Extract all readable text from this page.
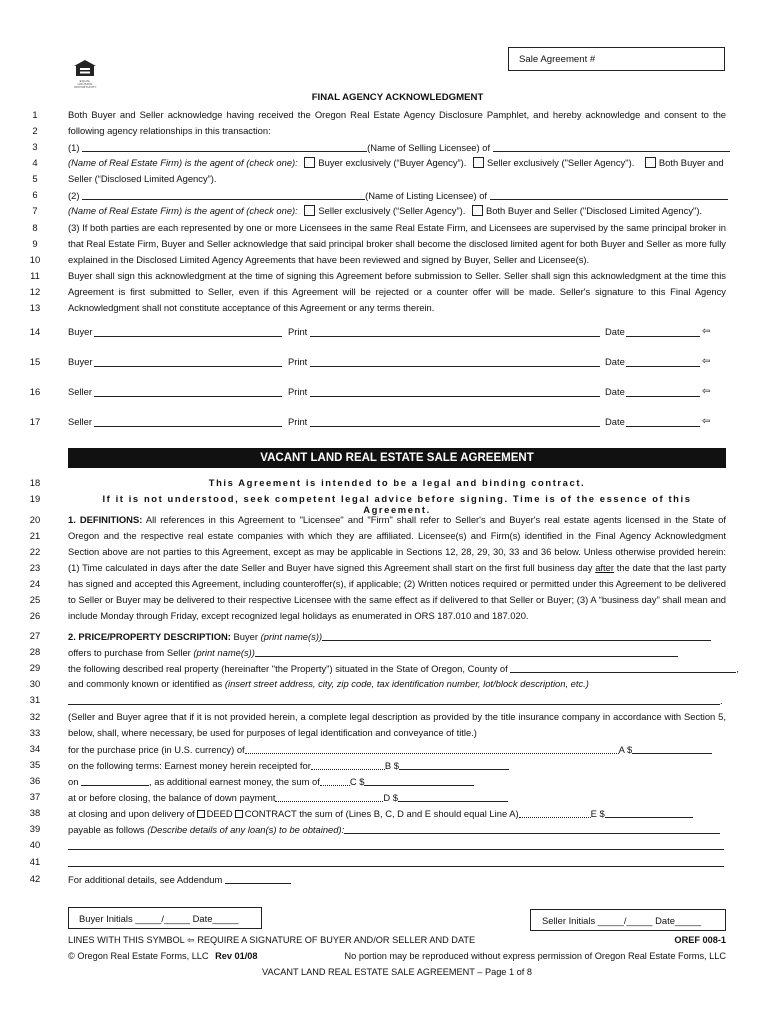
Sale Agreement #
EQUAL HOUSING OPPORTUNITY
FINAL AGENCY ACKNOWLEDGMENT
1	Both Buyer and Seller acknowledge having received the Oregon Real Estate Agency Disclosure Pamphlet, and hereby acknowledge and consent to the
2	following agency relationships in this transaction:
3	(1)	(Name of Selling Licensee) of
4	(Name of Real Estate Firm) is the agent of (check one): Buyer exclusively (“Buyer Agency”). Seller exclusively ("Seller Agency").	Both Buyer and
5	Seller (“Disclosed Limited Agency”).
6	(2)	(Name of Listing Licensee) of
7	(Name of Real Estate Firm) is the agent of (check one): Seller exclusively (“Seller Agency”). Both Buyer and Seller ("Disclosed Limited Agency").
8	(3) If both parties are each represented by one or more Licensees in the same Real Estate Firm, and Licensees are supervised by the same principal broker in
9	that Real Estate Firm, Buyer and Seller acknowledge that said principal broker shall become the disclosed limited agent for both Buyer and Seller as more fully
10	explained in the Disclosed Limited Agency Agreements that have been reviewed and signed by Buyer, Seller and Licensee(s).
11	Buyer shall sign this acknowledgment at the time of signing this Agreement before submission to Seller. Seller shall sign this acknowledgment at the time this
12	Agreement is first submitted to Seller, even if this Agreement will be rejected or a counter offer will be made. Seller's signature to this Final Agency
13	Acknowledgment shall not constitute acceptance of this Agreement or any terms therein.
14	Buyer	Print	Date	⇦
15	Buyer	Print	Date	⇦
16	Seller	Print	Date	⇦
17	Seller	Print	Date	⇦
VACANT LAND REAL ESTATE SALE AGREEMENT
18	This Agreement is intended to be a legal and binding contract.
19	If it is not understood, seek competent legal advice before signing. Time is of the essence of this Agreement.
20	1. DEFINITIONS: All references in this Agreement to "Licensee" and "Firm" shall refer to Seller's and Buyer's real estate agents licensed in the State of
21	Oregon and the respective real estate companies with which they are affiliated. Licensee(s) and Firm(s) identified in the Final Agency Acknowledgment
22	Section above are not parties to this Agreement, except as may be applicable in Sections 12, 28, 29, 30, 33 and 36 below. Unless otherwise provided herein:
23	(1) Time calculated in days after the date Seller and Buyer have signed this Agreement shall start on the first full business day after the date that the last party
24	has signed and accepted this Agreement, including counteroffer(s), if applicable; (2) Written notices required or permitted under this Agreement to be delivered
25	to Seller or Buyer may be delivered to their respective Licensee with the same effect as if delivered to that Seller or Buyer; (3) A “business day” shall mean and
26	include Monday through Friday, except recognized legal holidays as enumerated in ORS 187.010 and 187.020.
27	2. PRICE/PROPERTY DESCRIPTION: Buyer (print name(s))
28	offers to purchase from Seller (print name(s))
29	the following described real property (hereinafter "the Property") situated in the State of Oregon, County of	,
30	and commonly known or identified as (insert street address, city, zip code, tax identification number, lot/block description, etc.)
31	.
32	(Seller and Buyer agree that if it is not provided herein, a complete legal description as provided by the title insurance company in accordance with Section 5,
33	below, shall, where necessary, be used for purposes of legal identification and conveyance of title.)
34	for the purchase price (in U.S. currency) of	A $
35	on the following terms: Earnest money herein receipted for	B $
36	on	, as additional earnest money, the sum of	C $
37	at or before closing, the balance of down payment	D $
38	at closing and upon delivery of DEED CONTRACT the sum of (Lines B, C, D and E should equal Line A)	E $
39	payable as follows (Describe details of any loan(s) to be obtained):
40
41
42	For additional details, see Addendum
Buyer Initials _____/_____ Date_____	Seller Initials _____/_____ Date_____
LINES WITH THIS SYMBOL ⇦ REQUIRE A SIGNATURE OF BUYER AND/OR SELLER AND DATE	OREF 008-1
© Oregon Real Estate Forms, LLC Rev 01/08	No portion may be reproduced without express permission of Oregon Real Estate Forms, LLC
VACANT LAND REAL ESTATE SALE AGREEMENT – Page 1 of 8
